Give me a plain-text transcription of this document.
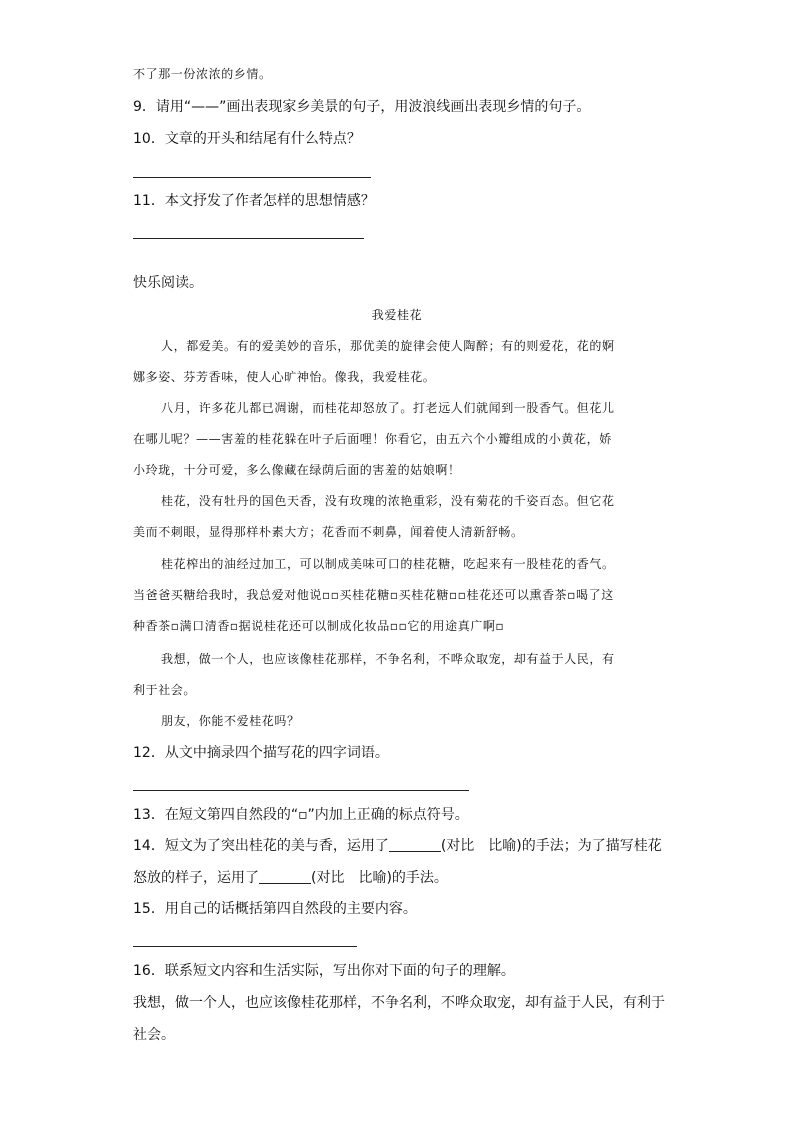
不了那一份浓浓的乡情。
9．请用“——”画出表现家乡美景的句子，用波浪线画出表现乡情的句子。
10．文章的开头和结尾有什么特点？
11．本文抒发了作者怎样的思想情感？
快乐阅读。
我爱桂花
人，都爱美。有的爱美妙的音乐，那优美的旋律会使人陶醉；有的则爱花，花的婀
娜多姿、芬芳香味，使人心旷神怡。像我，我爱桂花。
八月，许多花儿都已凋谢，而桂花却怒放了。打老远人们就闻到一股香气。但花儿
在哪儿呢？——害羞的桂花躲在叶子后面哩！你看它，由五六个小瓣组成的小黄花，娇
小玲珑，十分可爱，多么像藏在绿荫后面的害羞的姑娘啊！
桂花，没有牡丹的国色天香，没有玫瑰的浓艳重彩，没有菊花的千姿百态。但它花
美而不刺眼，显得那样朴素大方；花香而不刺鼻，闻着使人清新舒畅。
桂花榨出的油经过加工，可以制成美味可口的桂花糖，吃起来有一股桂花的香气。
当爸爸买糖给我时，我总爱对他说▫▫买桂花糖▫买桂花糖▫▫桂花还可以熏香茶▫喝了这
种香茶▫满口清香▫据说桂花还可以制成化妆品▫▫它的用途真广啊▫
我想，做一个人，也应该像桂花那样，不争名利，不哗众取宠，却有益于人民，有
利于社会。
朋友，你能不爱桂花吗？
12．从文中摘录四个描写花的四字词语。
13．在短文第四自然段的“▫”内加上正确的标点符号。
14．短文为了突出桂花的美与香，运用了	(对比　比喻)的手法；为了描写桂花
怒放的样子，运用了	(对比　比喻)的手法。
15．用自己的话概括第四自然段的主要内容。
16．联系短文内容和生活实际，写出你对下面的句子的理解。
我想，做一个人，也应该像桂花那样，不争名利，不哗众取宠，却有益于人民，有利于
社会。
